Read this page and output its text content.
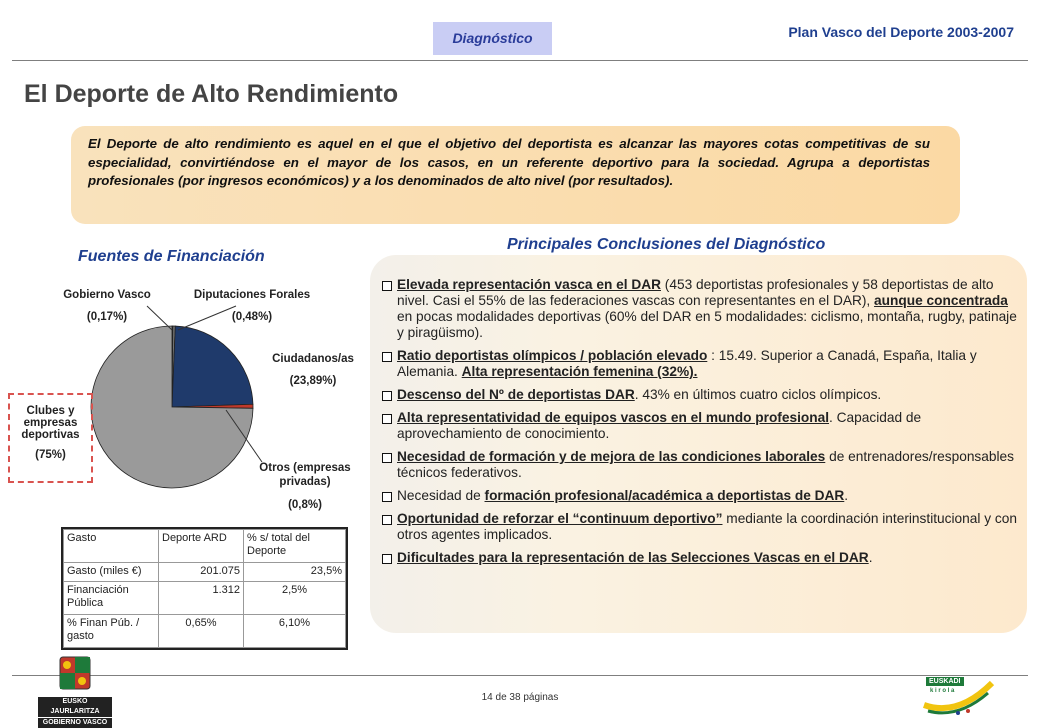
Diagnóstico	Plan Vasco del Deporte 2003-2007
El Deporte de Alto Rendimiento
El Deporte de alto rendimiento es aquel en el que el objetivo del deportista es alcanzar las mayores cotas competitivas de su especialidad, convirtiéndose en el mayor de los casos, en un referente deportivo para la sociedad. Agrupa a deportistas profesionales (por ingresos económicos) y a los denominados de alto nivel (por resultados).
Fuentes de Financiación
Gobierno Vasco
(0,17%)
Diputaciones Forales
(0,48%)
Ciudadanos/as
(23,89%)
Otros (empresas
privadas)
(0,8%)
Clubes y
empresas
deportivas
(75%)
Gasto	Deporte ARD	% s/ total del Deporte
Gasto (miles €)	201.075	23,5%
Financiación Pública	1.312	2,5%
% Finan Púb. / gasto	0,65%	6,10%
Principales Conclusiones del Diagnóstico
Elevada representación vasca en el DAR (453 deportistas profesionales y 58 deportistas de alto nivel. Casi el 55% de las federaciones vascas con representantes en el DAR), aunque concentrada en pocas modalidades deportivas (60% del DAR en 5 modalidades: ciclismo, montaña, rugby, patinaje y piragüismo).
Ratio deportistas olímpicos / población elevado : 15.49. Superior a Canadá, España, Italia y Alemania. Alta representación femenina (32%).
Descenso del Nº de deportistas DAR. 43% en últimos cuatro ciclos olímpicos.
Alta representatividad de equipos vascos en el mundo profesional. Capacidad de aprovechamiento de conocimiento.
Necesidad de formación y de mejora de las condiciones laborales de entrenadores/responsables técnicos federativos.
Necesidad de formación profesional/académica a deportistas de DAR.
Oportunidad de reforzar el “continuum deportivo” mediante la coordinación interinstitucional y con otros agentes implicados.
Dificultades para la representación de las Selecciones Vascas en el DAR.
14 de 38 páginas
EUSKO JAURLARITZA
GOBIERNO VASCO
EUSKADI
k i r o l a
